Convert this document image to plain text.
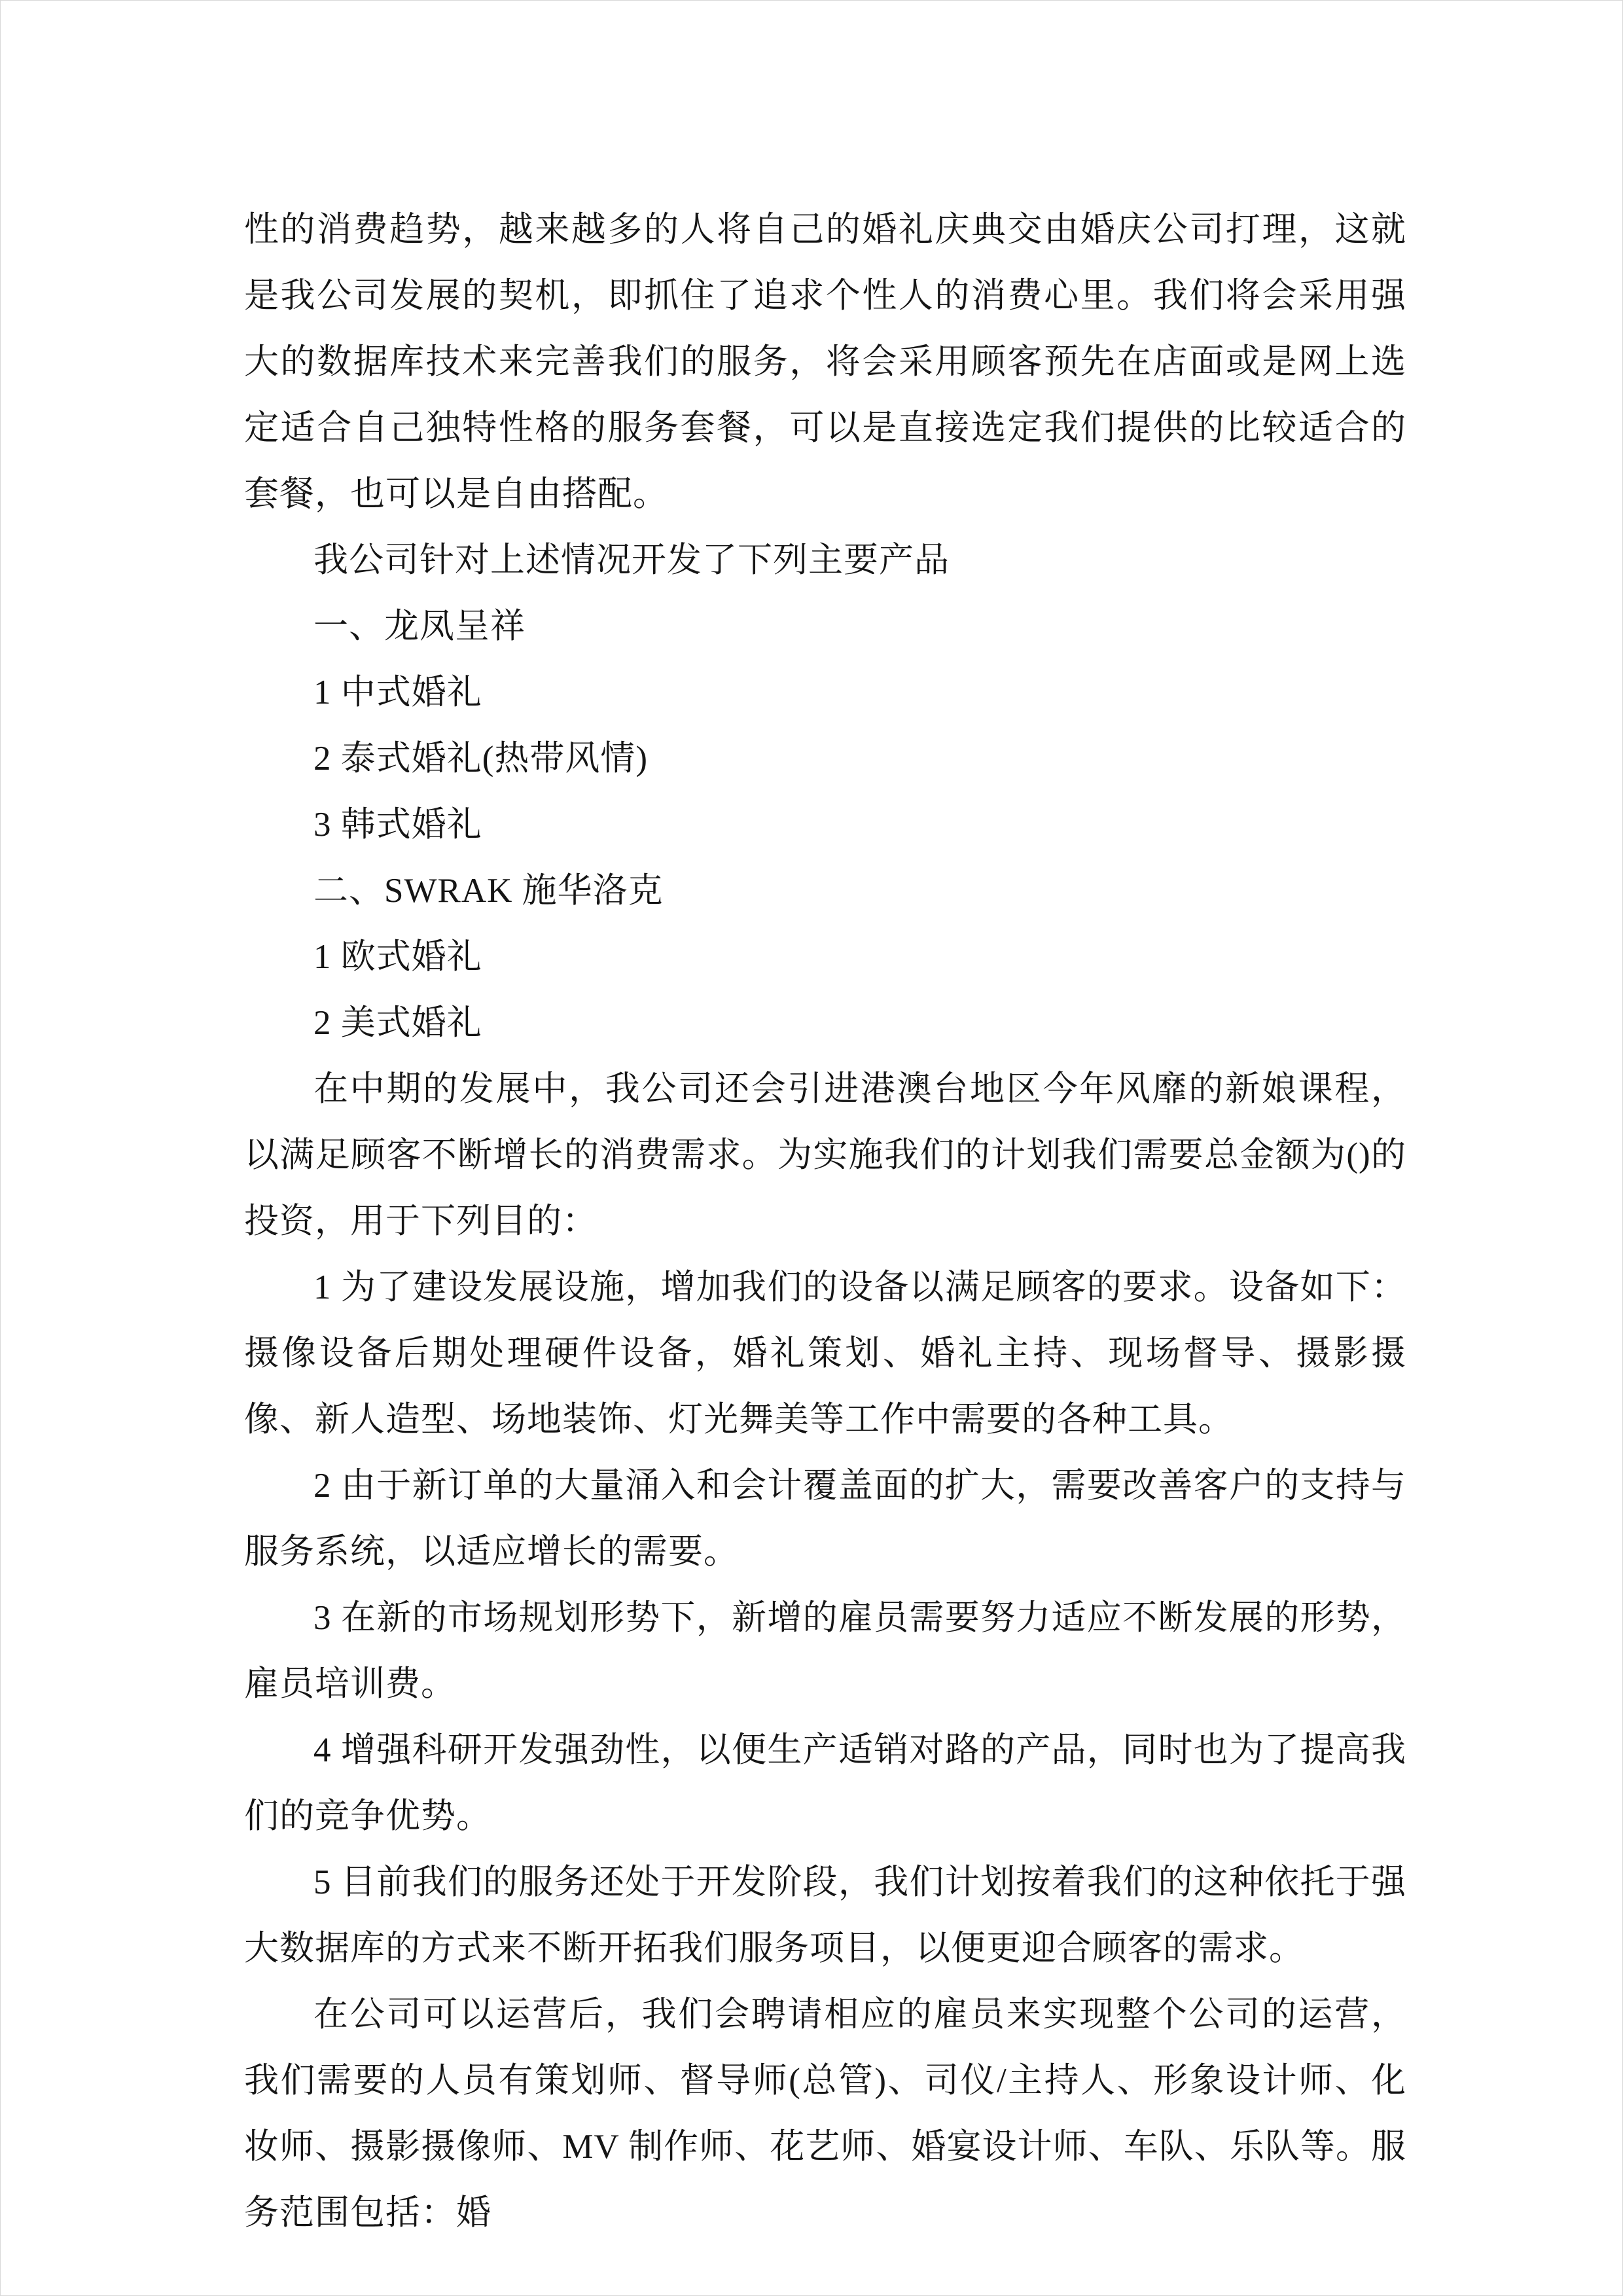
性的消费趋势，越来越多的人将自己的婚礼庆典交由婚庆公司打理，这就是我公司发展的契机，即抓住了追求个性人的消费心里。我们将会采用强大的数据库技术来完善我们的服务，将会采用顾客预先在店面或是网上选定适合自己独特性格的服务套餐，可以是直接选定我们提供的比较适合的套餐，也可以是自由搭配。

我公司针对上述情况开发了下列主要产品

一、龙凤呈祥

1 中式婚礼

2 泰式婚礼(热带风情)

3 韩式婚礼

二、SWRAK 施华洛克

1 欧式婚礼

2 美式婚礼

在中期的发展中，我公司还会引进港澳台地区今年风靡的新娘课程，以满足顾客不断增长的消费需求。为实施我们的计划我们需要总金额为()的投资，用于下列目的：

1 为了建设发展设施，增加我们的设备以满足顾客的要求。设备如下：摄像设备后期处理硬件设备，婚礼策划、婚礼主持、现场督导、摄影摄像、新人造型、场地装饰、灯光舞美等工作中需要的各种工具。

2 由于新订单的大量涌入和会计覆盖面的扩大，需要改善客户的支持与服务系统，以适应增长的需要。

3 在新的市场规划形势下，新增的雇员需要努力适应不断发展的形势，雇员培训费。

4 增强科研开发强劲性，以便生产适销对路的产品，同时也为了提高我们的竞争优势。

5 目前我们的服务还处于开发阶段，我们计划按着我们的这种依托于强大数据库的方式来不断开拓我们服务项目，以便更迎合顾客的需求。

在公司可以运营后，我们会聘请相应的雇员来实现整个公司的运营，我们需要的人员有策划师、督导师(总管)、司仪/主持人、形象设计师、化妆师、摄影摄像师、MV 制作师、花艺师、婚宴设计师、车队、乐队等。服务范围包括：婚
